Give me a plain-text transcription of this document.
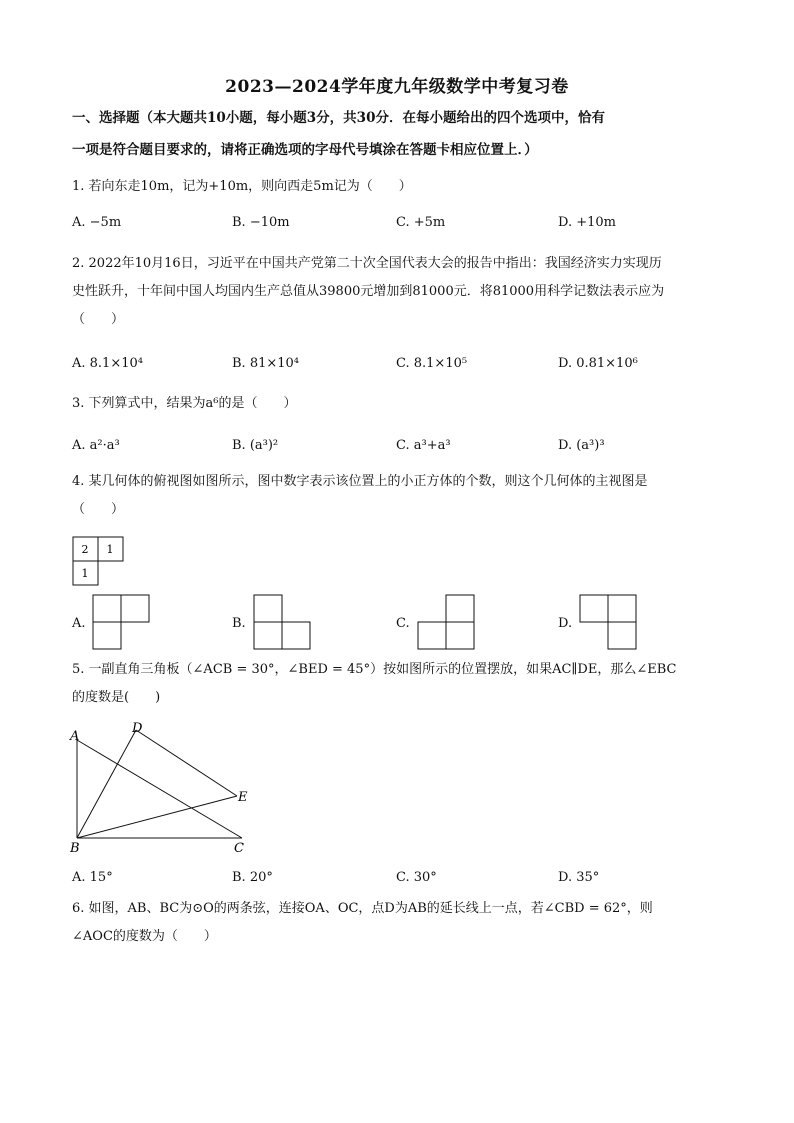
2023—2024学年度九年级数学中考复习卷
一、选择题（本大题共10小题，每小题3分，共30分．在每小题给出的四个选项中，恰有
一项是符合题目要求的，请将正确选项的字母代号填涂在答题卡相应位置上．）
1. 若向东走10m，记为+10m，则向西走5m记为（　　）
A. −5m	B. −10m	C. +5m	D. +10m
2. 2022年10月16日，习近平在中国共产党第二十次全国代表大会的报告中指出：我国经济实力实现历
史性跃升，十年间中国人均国内生产总值从39800元增加到81000元．将81000用科学记数法表示应为
（　　）
A. 8.1×10⁴	B. 81×10⁴	C. 8.1×10⁵	D. 0.81×10⁶
3. 下列算式中，结果为a⁶的是（　　）
A. a²·a³	B. (a³)²	C. a³+a³	D. (a³)³
4. 某几何体的俯视图如图所示，图中数字表示该位置上的小正方体的个数，则这个几何体的主视图是
（　　）
2 1
1
A.	B.	C.	D.
5. 一副直角三角板（∠ACB = 30°，∠BED = 45°）按如图所示的位置摆放，如果AC∥DE，那么∠EBC
的度数是(　　)
A
D
E
B	C
A. 15°	B. 20°	C. 30°	D. 35°
6. 如图，AB、BC为⊙O的两条弦，连接OA、OC，点D为AB的延长线上一点，若∠CBD = 62°，则
∠AOC的度数为（　　）
